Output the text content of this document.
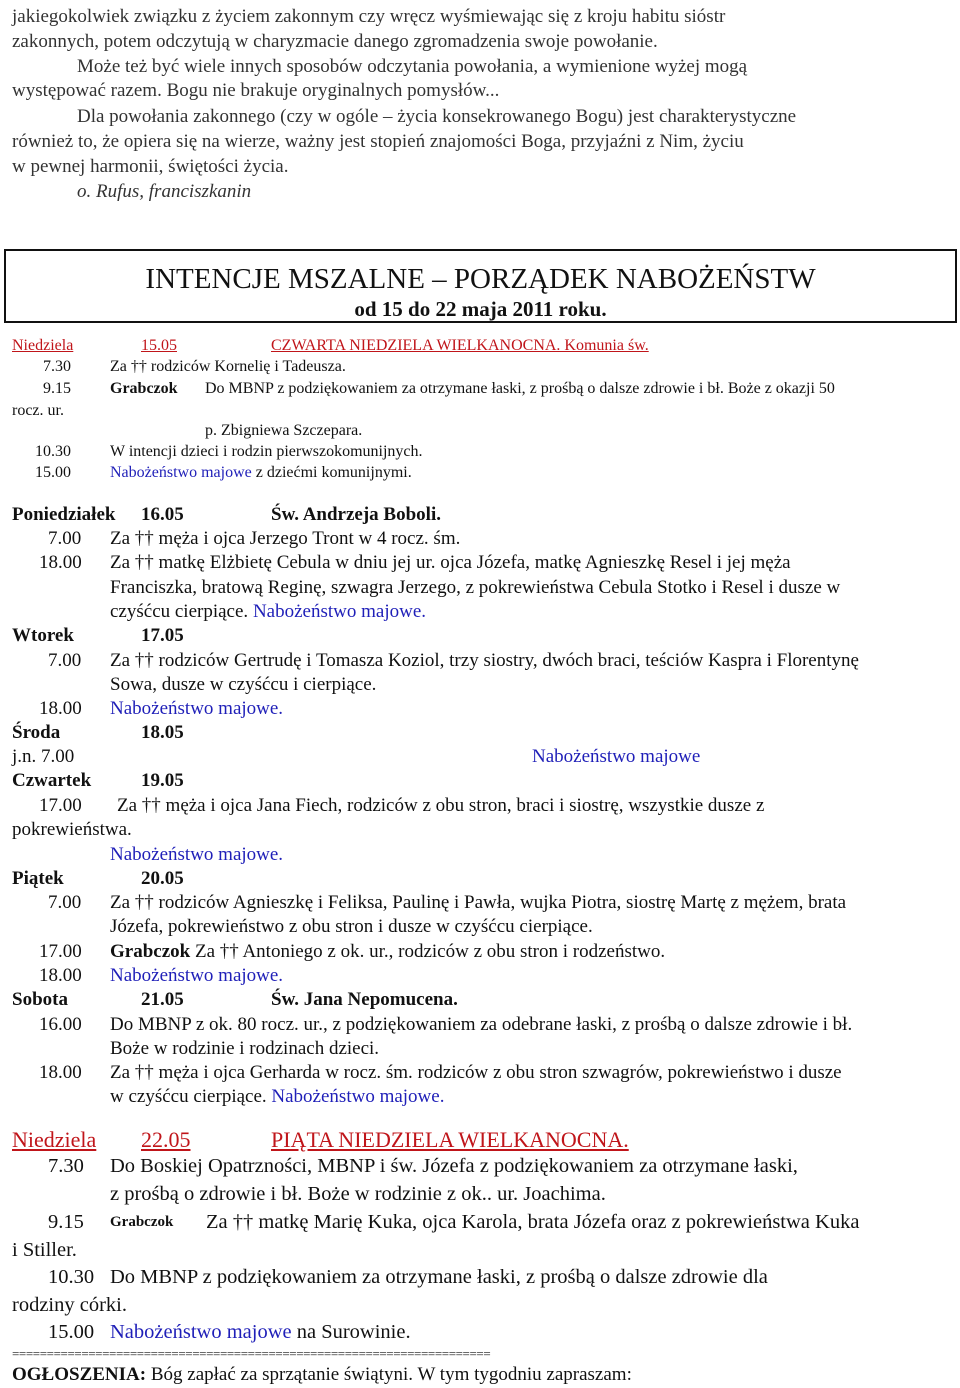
jakiegokolwiek związku z życiem zakonnym czy wręcz wyśmiewając się z kroju habitu sióstr
zakonnych, potem odczytują w charyzmacie danego zgromadzenia swoje powołanie.
Może też być wiele innych sposobów odczytania powołania, a wymienione wyżej mogą
występować razem. Bogu nie brakuje oryginalnych pomysłów...
Dla powołania zakonnego (czy w ogóle – życia konsekrowanego Bogu) jest charakterystyczne
również to, że opiera się na wierze, ważny jest stopień znajomości Boga, przyjaźni z Nim, życiu
w pewnej harmonii, świętości życia.
o. Rufus, franciszkanin
INTENCJE MSZALNE – PORZĄDEK NABOŻEŃSTW
od 15 do 22 maja 2011 roku.
Niedziela	15.05	CZWARTA NIEDZIELA WIELKANOCNA. Komunia św.
7.30 Za †† rodziców Kornelię i Tadeusza.
9.15 Grabczok Do MBNP z podziękowaniem za otrzymane łaski, z prośbą o dalsze zdrowie i bł. Boże z okazji 50
rocz. ur.
p. Zbigniewa Szczepara.
10.30 W intencji dzieci i rodzin pierwszokomunijnych.
15.00 Nabożeństwo majowe z dziećmi komunijnymi.
Poniedziałek 16.05	Św. Andrzeja Boboli.
7.00 Za †† męża i ojca Jerzego Tront w 4 rocz. śm.
18.00 Za †† matkę Elżbietę Cebula w dniu jej ur. ojca Józefa, matkę Agnieszkę Resel i jej męża
Franciszka, bratową Reginę, szwagra Jerzego, z pokrewieństwa Cebula Stotko i Resel i dusze w
czyśćcu cierpiące. Nabożeństwo majowe.
Wtorek	17.05
7.00 Za †† rodziców Gertrudę i Tomasza Koziol, trzy siostry, dwóch braci, teściów Kaspra i Florentynę
Sowa, dusze w czyśćcu i cierpiące.
18.00 Nabożeństwo majowe.
Środa	18.05
j.n. 7.00	Nabożeństwo majowe
Czwartek	19.05
17.00 Za †† męża i ojca Jana Fiech, rodziców z obu stron, braci i siostrę, wszystkie dusze z
pokrewieństwa.
Nabożeństwo majowe.
Piątek	20.05
7.00 Za †† rodziców Agnieszkę i Feliksa, Paulinę i Pawła, wujka Piotra, siostrę Martę z mężem, brata
Józefa, pokrewieństwo z obu stron i dusze w czyśćcu cierpiące.
17.00 Grabczok Za †† Antoniego z ok. ur., rodziców z obu stron i rodzeństwo.
18.00 Nabożeństwo majowe.
Sobota	21.05	Św. Jana Nepomucena.
16.00 Do MBNP z ok. 80 rocz. ur., z podziękowaniem za odebrane łaski, z prośbą o dalsze zdrowie i bł.
Boże w rodzinie i rodzinach dzieci.
18.00 Za †† męża i ojca Gerharda w rocz. śm. rodziców z obu stron szwagrów, pokrewieństwo i dusze
w czyśćcu cierpiące. Nabożeństwo majowe.
Niedziela 22.05	PIĄTA NIEDZIELA WIELKANOCNA.
7.30 Do Boskiej Opatrzności, MBNP i św. Józefa z podziękowaniem za otrzymane łaski,
z prośbą o zdrowie i bł. Boże w rodzinie z ok.. ur. Joachima.
9.15 Grabczok Za †† matkę Marię Kuka, ojca Karola, brata Józefa oraz z pokrewieństwa Kuka
i Stiller.
10.30 Do MBNP z podziękowaniem za otrzymane łaski, z prośbą o dalsze zdrowie dla
rodziny córki.
15.00 Nabożeństwo majowe na Surowinie.
=====================================================================
OGŁOSZENIA: Bóg zapłać za sprzątanie świątyni. W tym tygodniu zapraszam:
